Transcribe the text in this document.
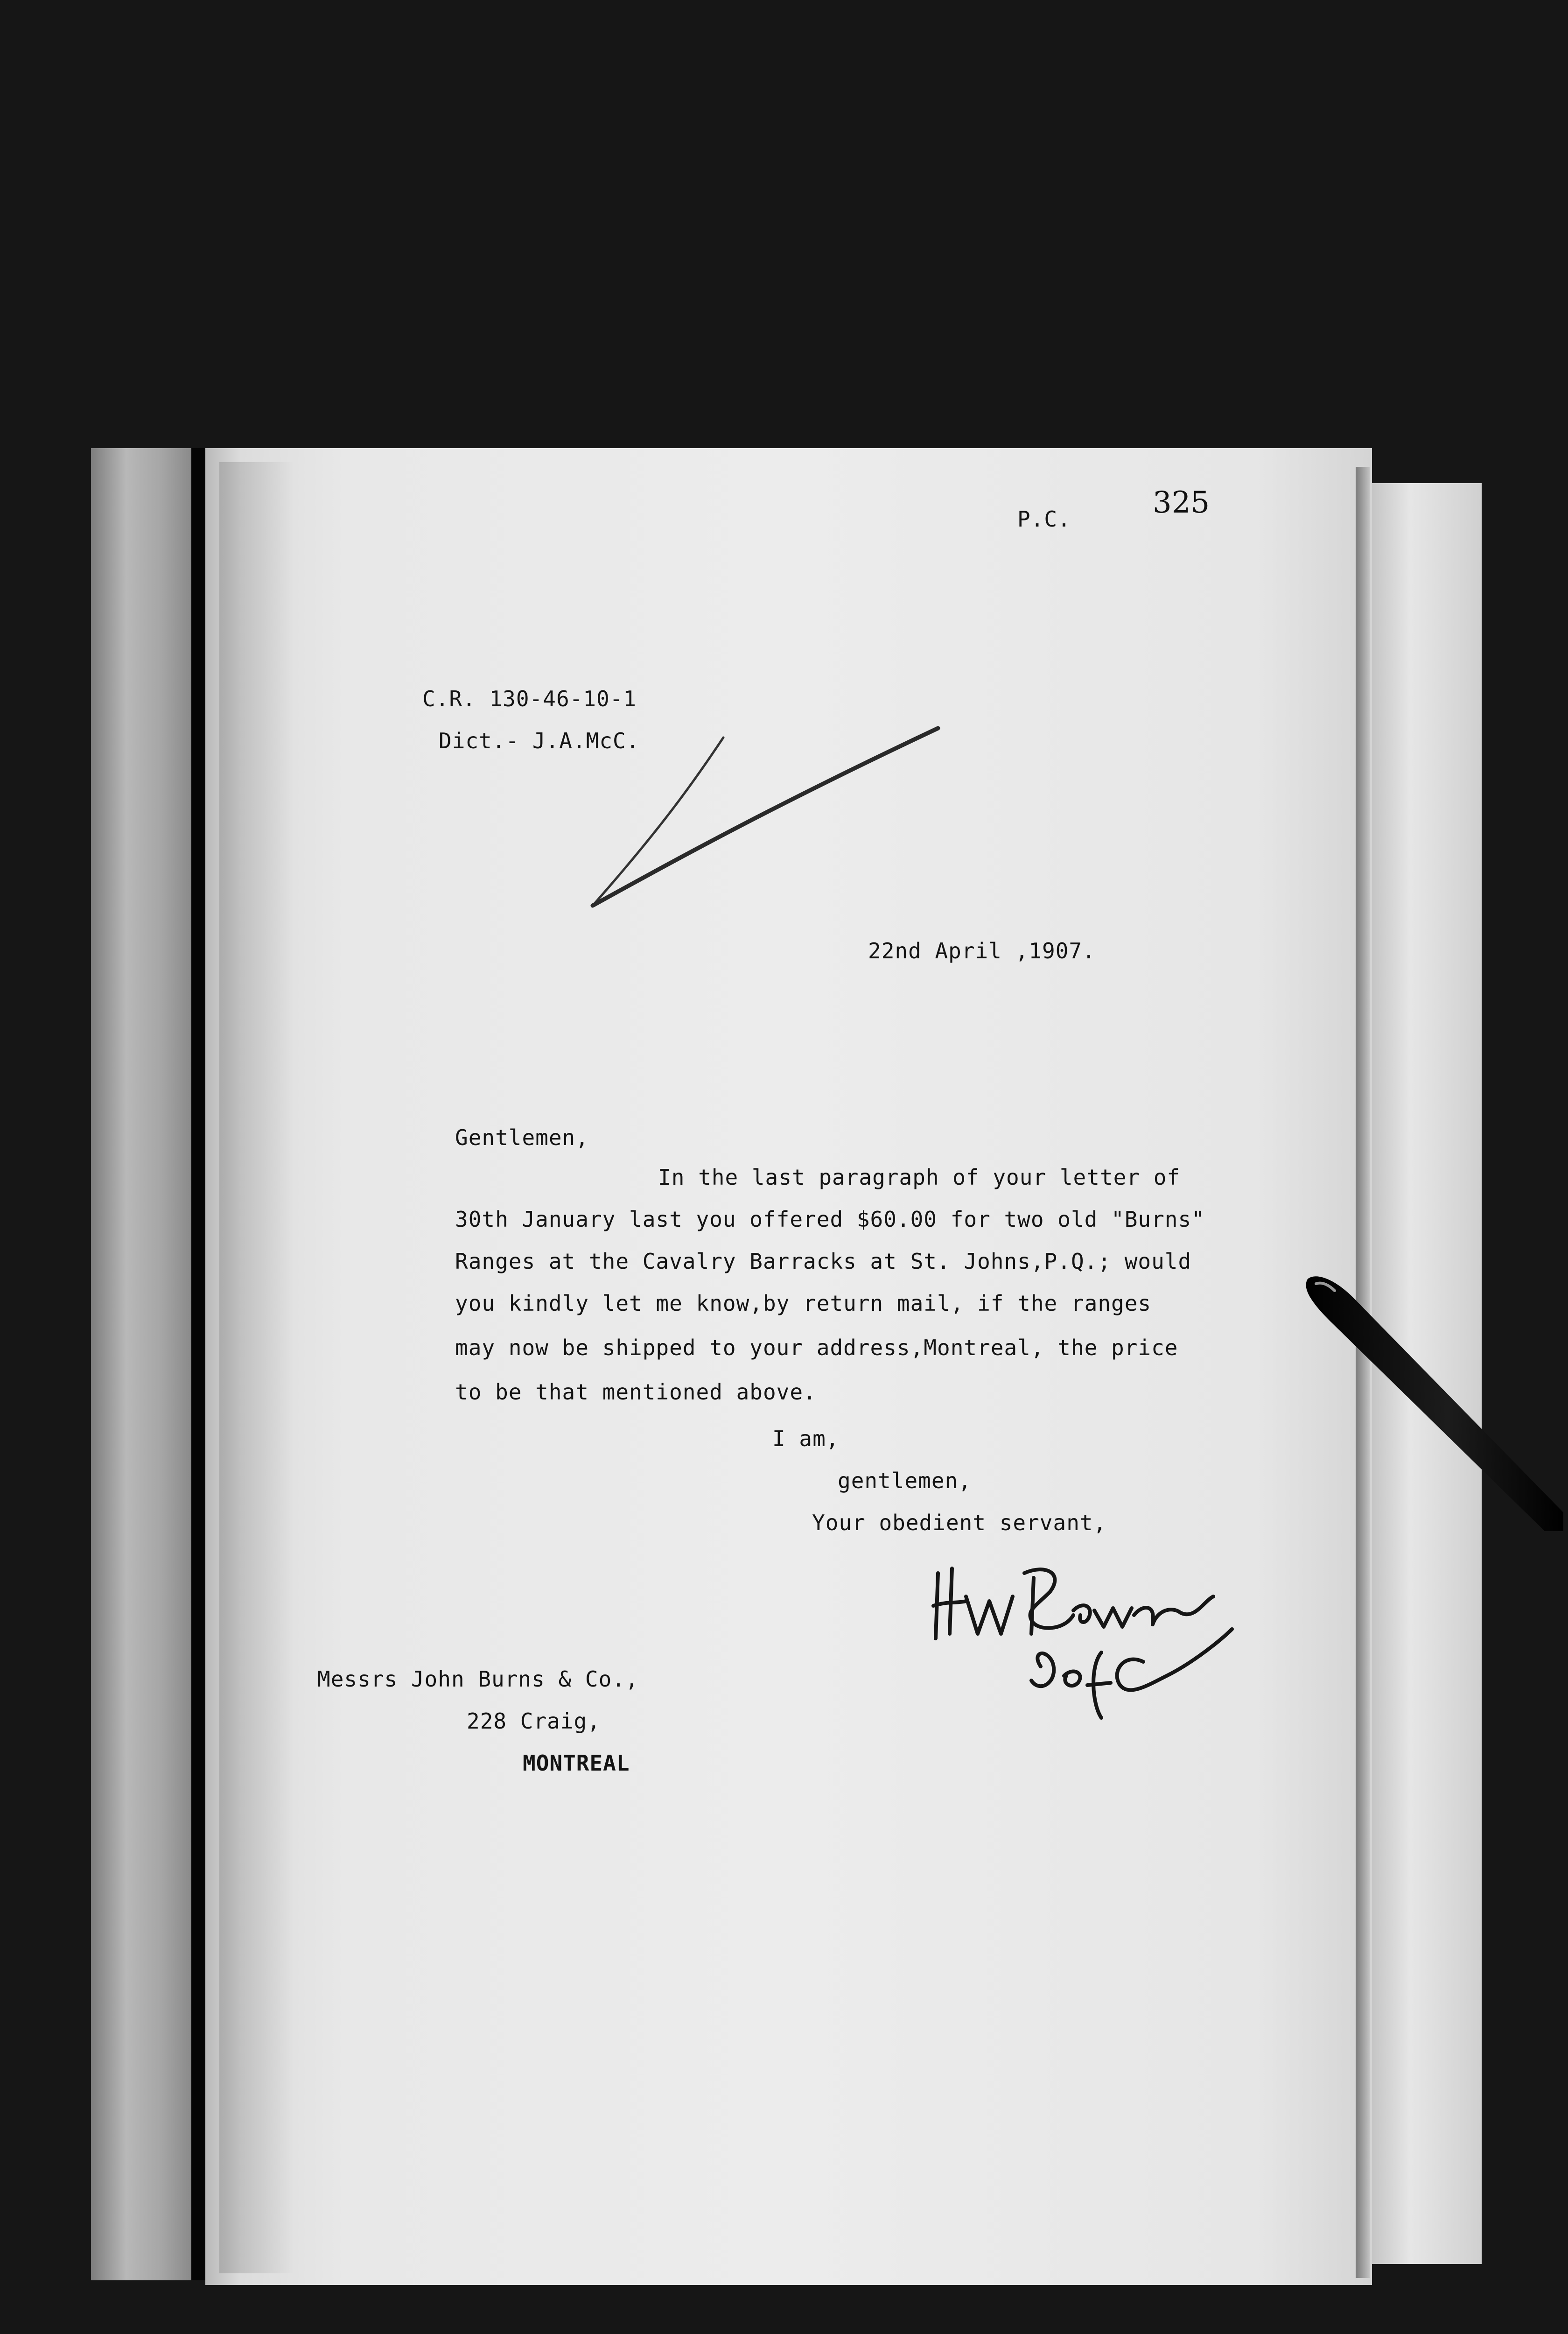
P.C.	325
C.R. 130-46-10-1
Dict.- J.A.McC.
22nd April ,1907.
Gentlemen,
In the last paragraph of your letter of
30th January last you offered $60.00 for two old "Burns"
Ranges at the Cavalry Barracks at St. Johns,P.Q.; would
you kindly let me know,by return mail, if the ranges
may now be shipped to your address,Montreal, the price
to be that mentioned above.
I am,
gentlemen,
Your obedient servant,
Messrs John Burns & Co.,
228 Craig,
MONTREAL
